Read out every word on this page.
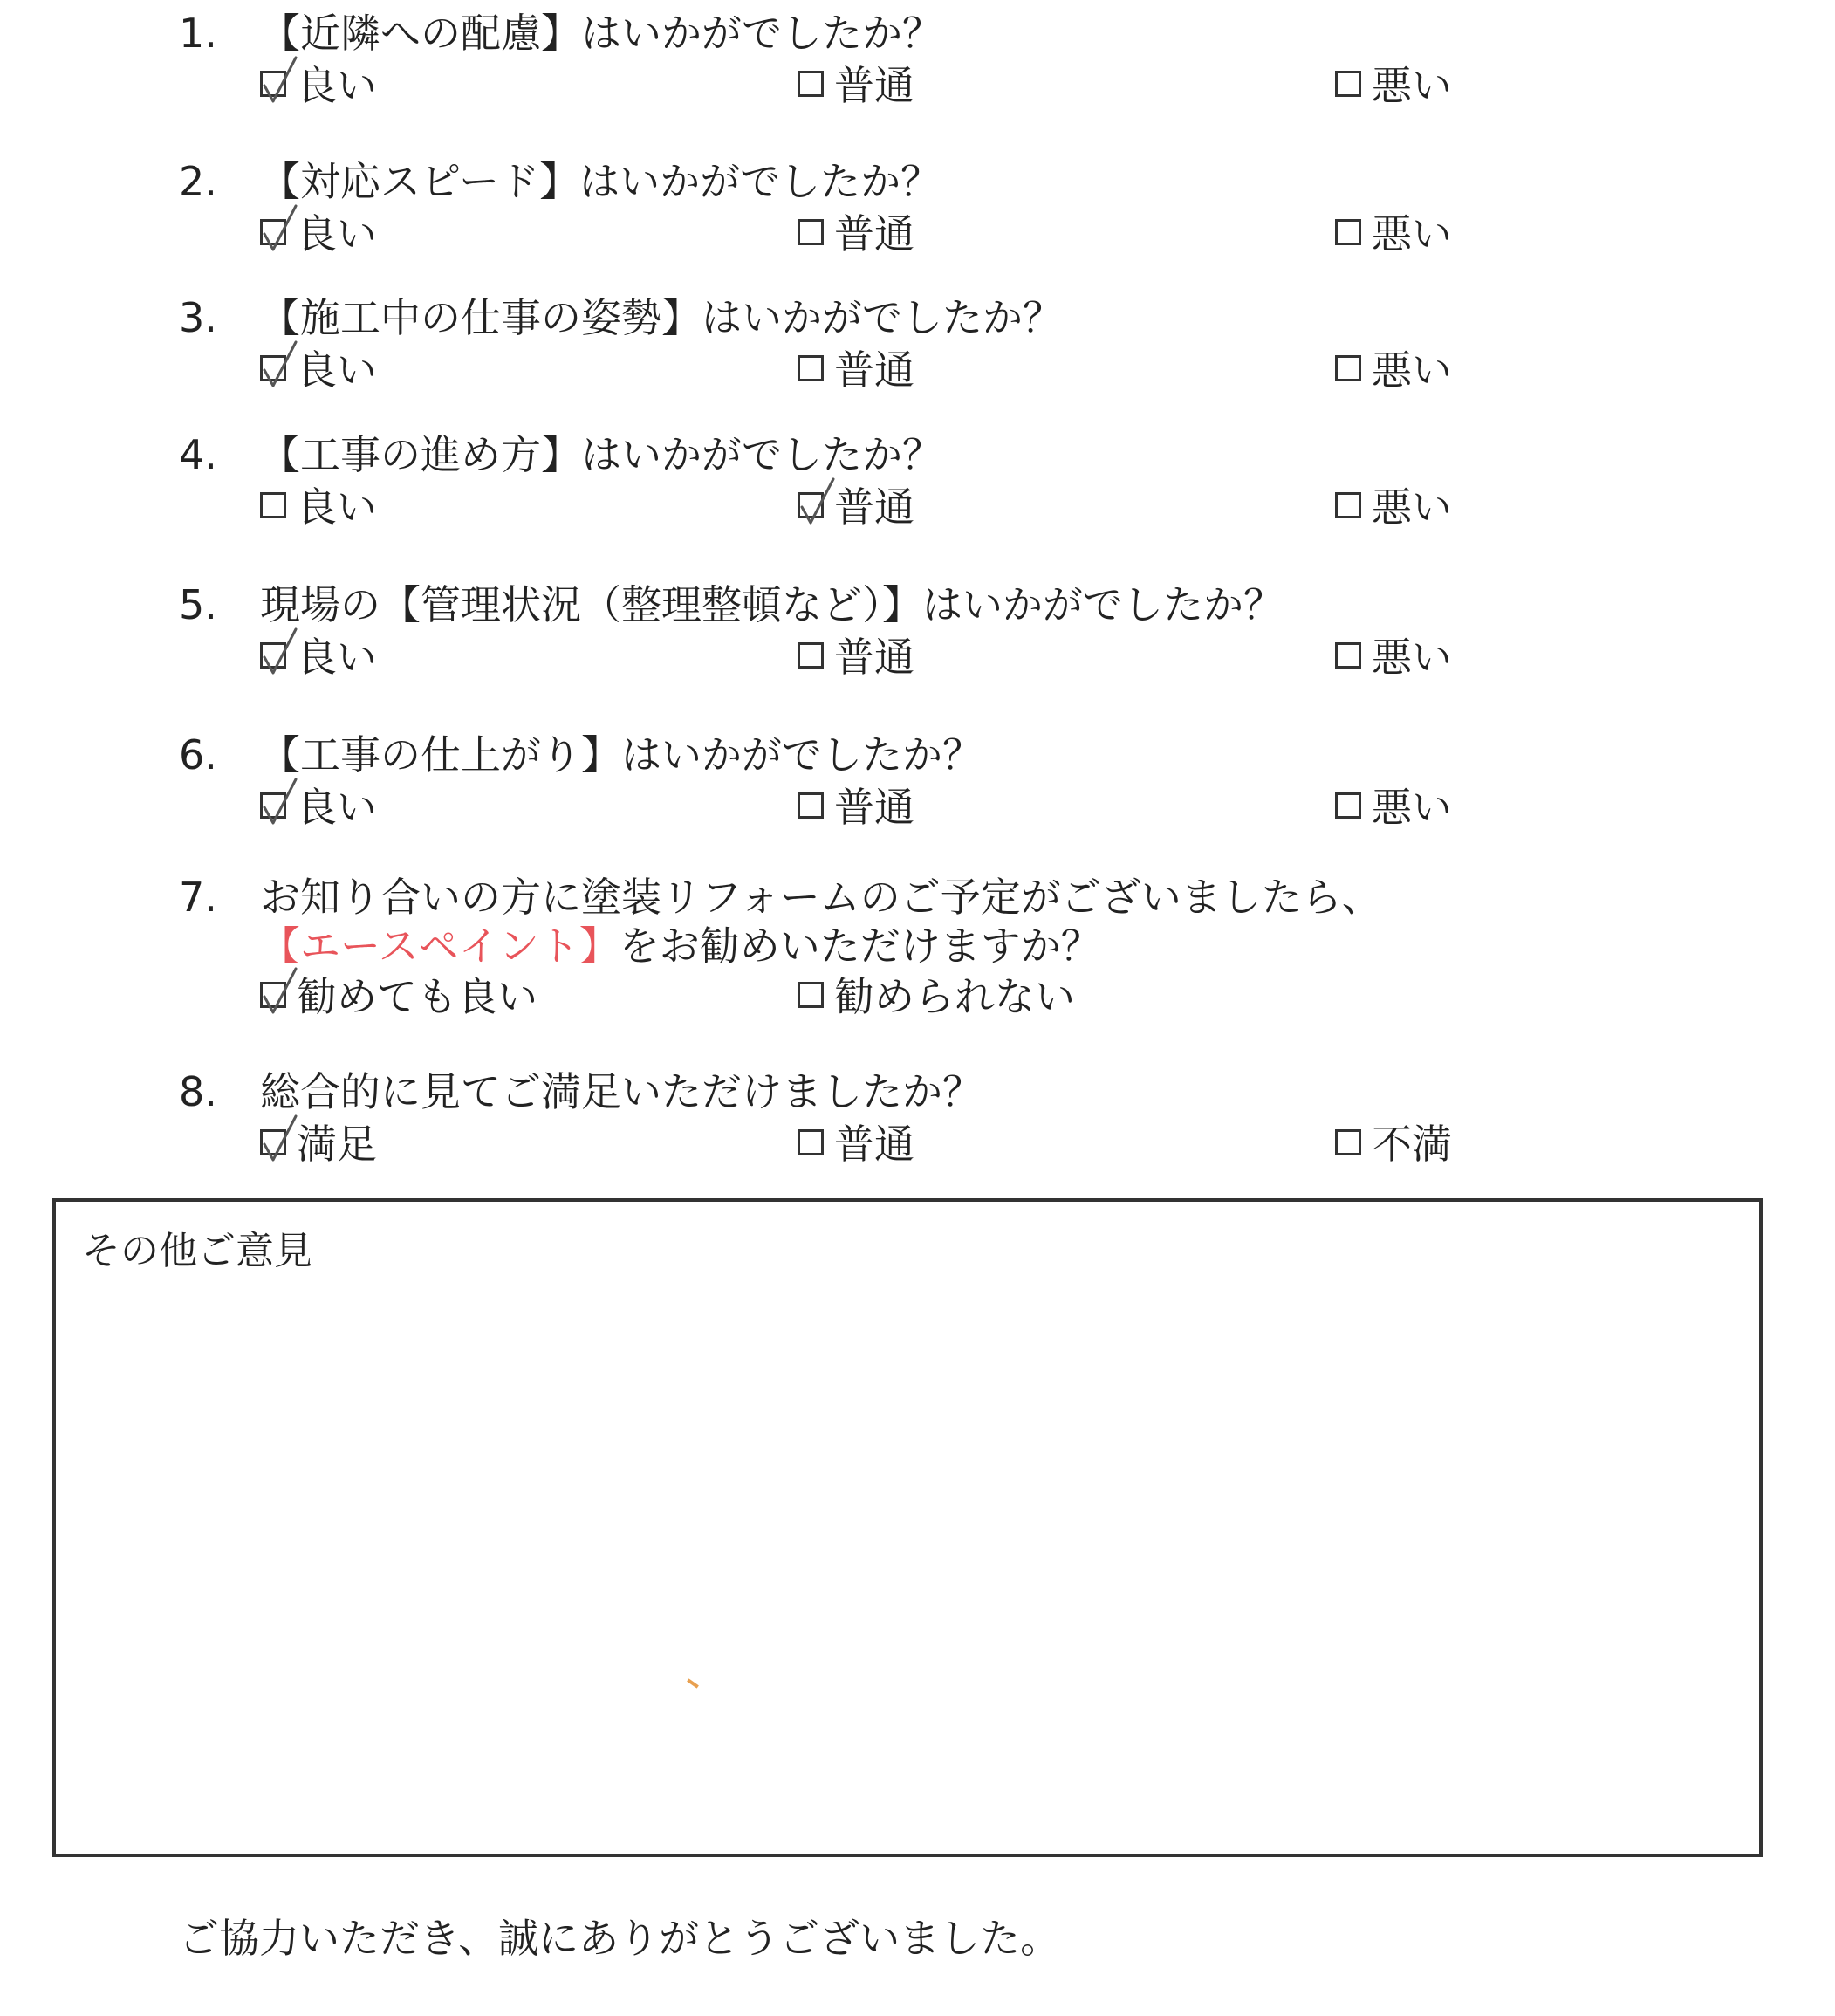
1.	【近隣への配慮】はいかがでしたか？
良い	普通	悪い
2.	【対応スピード】はいかがでしたか？
良い	普通	悪い
3.	【施工中の仕事の姿勢】はいかがでしたか？
良い	普通	悪い
4.	【工事の進め方】はいかがでしたか？
良い	普通	悪い
5.	現場の【管理状況（整理整頓など）】はいかがでしたか？
良い	普通	悪い
6.	【工事の仕上がり】はいかがでしたか？
良い	普通	悪い
7.	お知り合いの方に塗装リフォームのご予定がございましたら、
【エースペイント】をお勧めいただけますか？
勧めても良い	勧められない
8.	総合的に見てご満足いただけましたか？
満足	普通	不満
その他ご意見
ご協力いただき、誠にありがとうございました。
